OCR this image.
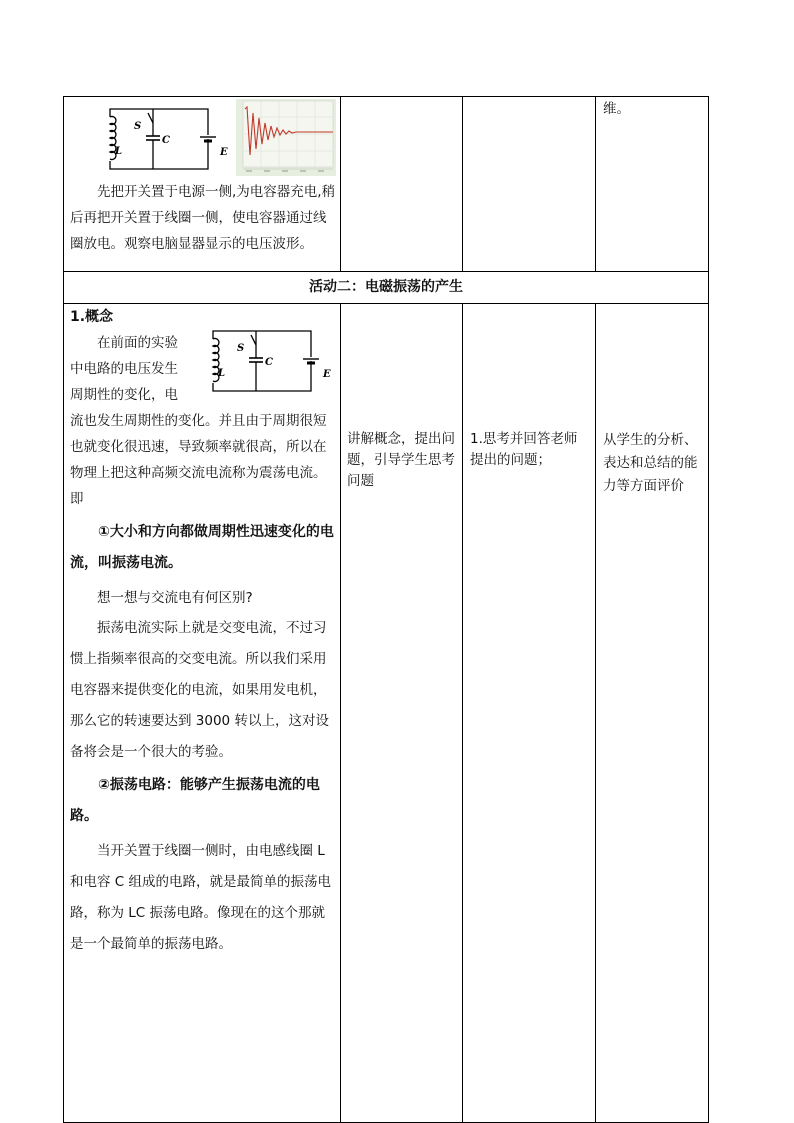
S
C
L	E

先把开关置于电源一侧,为电容器充电,稍后再把开关置于线圈一侧，使电容器通过线圈放电。观察电脑显器显示的电压波形。

维。
活动二：电磁振荡的产生

1.概念

在前面的实验

中电路的电压发生

周期性的变化，电

流也发生周期性的变化。并且由于周期很短也就变化很迅速，导致频率就很高，所以在物理上把这种高频交流电流称为震荡电流。即

①大小和方向都做周期性迅速变化的电流，叫振荡电流。

想一想与交流电有何区别?

振荡电流实际上就是交变电流，不过习惯上指频率很高的交变电流。所以我们采用电容器来提供变化的电流，如果用发电机，那么它的转速要达到 3000 转以上，这对设备将会是一个很大的考验。

②振荡电路：能够产生振荡电流的电路。

当开关置于线圈一侧时，由电感线圈 L 和电容 C 组成的电路，就是最简单的振荡电路，称为 LC 振荡电路。像现在的这个那就是一个最简单的振荡电路。

S
C
L	E
讲解概念，提出问题，引导学生思考问题
1.思考并回答老师提出的问题；
从学生的分析、表达和总结的能力等方面评价
